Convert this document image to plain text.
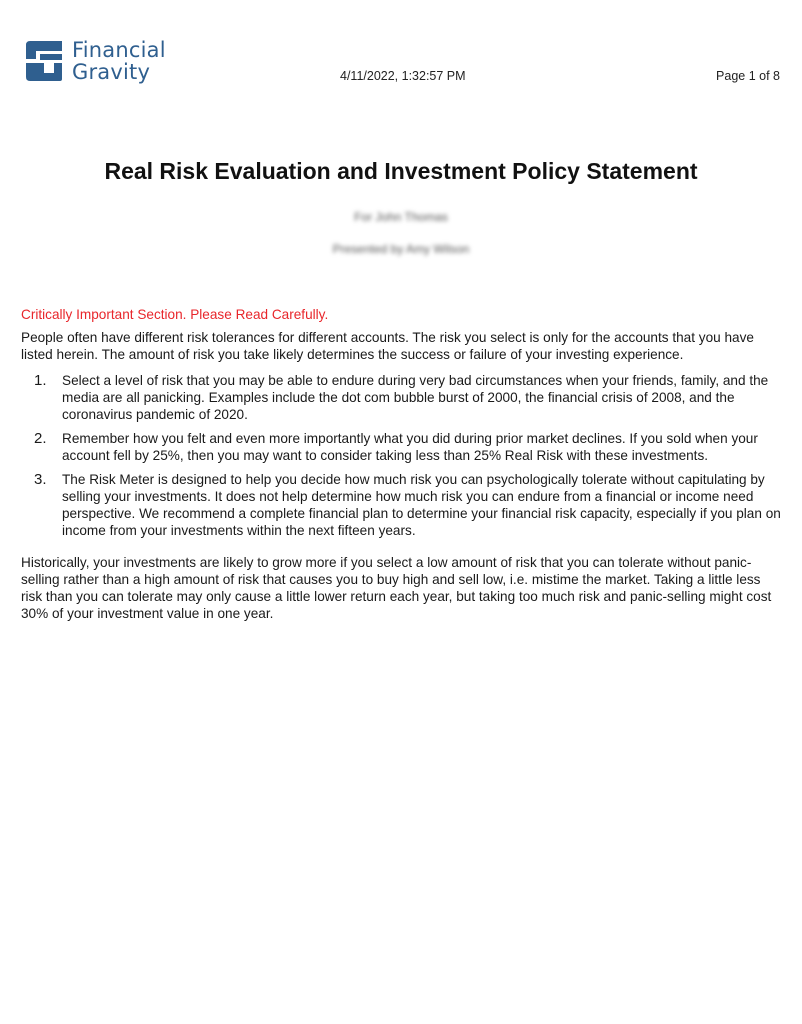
Financial
Gravity	4/11/2022, 1:32:57 PM	Page 1 of 8
Real Risk Evaluation and Investment Policy Statement
For John Thomas
Presented by Amy Wilson

Critically Important Section. Please Read Carefully.

People often have different risk tolerances for different accounts. The risk you select is only for the accounts that you have listed herein. The amount of risk you take likely determines the success or failure of your investing experience.

1. Select a level of risk that you may be able to endure during very bad circumstances when your friends, family, and the media are all panicking. Examples include the dot com bubble burst of 2000, the financial crisis of 2008, and the coronavirus pandemic of 2020.
2. Remember how you felt and even more importantly what you did during prior market declines. If you sold when your account fell by 25%, then you may want to consider taking less than 25% Real Risk with these investments.
3. The Risk Meter is designed to help you decide how much risk you can psychologically tolerate without capitulating by selling your investments. It does not help determine how much risk you can endure from a financial or income need perspective. We recommend a complete financial plan to determine your financial risk capacity, especially if you plan on income from your investments within the next fifteen years.

Historically, your investments are likely to grow more if you select a low amount of risk that you can tolerate without panic-selling rather than a high amount of risk that causes you to buy high and sell low, i.e. mistime the market. Taking a little less risk than you can tolerate may only cause a little lower return each year, but taking too much risk and panic-selling might cost 30% of your investment value in one year.
